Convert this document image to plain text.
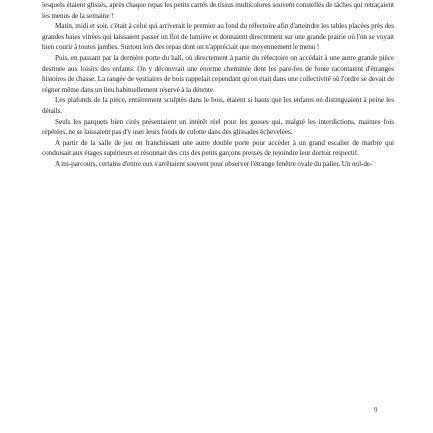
lesquels étaient glissés, après chaque repas les petits carrés de tissus multicolores souvent constellés de tâches qui retraçaient les menus de la semaine !

Matin, midi et soir, c'était à celui qui arriverait le premier au fond du réfectoire afin d'atteindre les tables placées près des grandes baies vitrées qui laissaient passer un flot de lumière et donnaient directement sur une grande prairie où l'on se voyait bien courir à toutes jambes. Surtout lors des repas dont on n'appréciait que moyennement le menu !

Puis, en passant par la dernière porte du hall, où directement à partir du réfectoire on accédait à une autre grande pièce destinée aux loisirs des enfants. On y découvrait une énorme cheminée dont les pare-feu de fonte racontaient d'étranges histoires de chasse. La rangée de vestiaires de bois rappelait cependant qu'on était dans une collectivité où l'ordre se devait de régner même dans un lieu habituellement réservé à la détente.

Les plafonds de la pièce, entièrement sculptés dans le bois, étaient si hauts que les enfants en distinguaient à peine les détails.

Seuls les parquets bien cirés présentaient un intérêt réel pour les gosses qui, malgré les interdictions, maintes fois répétées, ne se laissaient pas d'y user leurs fonds de culotte dans des glissades échevelées.

A partir de la salle de jeu on franchissant une autre double porte pour accéder à un grand escalier de marbre qui conduisait aux étages supérieurs et résonnait des cris des petits garçons pressés de rejoindre leur dortoir respectif.

A mi-parcours, certains d'entre eux s'arrêtaient souvent pour observer l'étrange fenêtre ovale du palier. Un œil-de-

9
